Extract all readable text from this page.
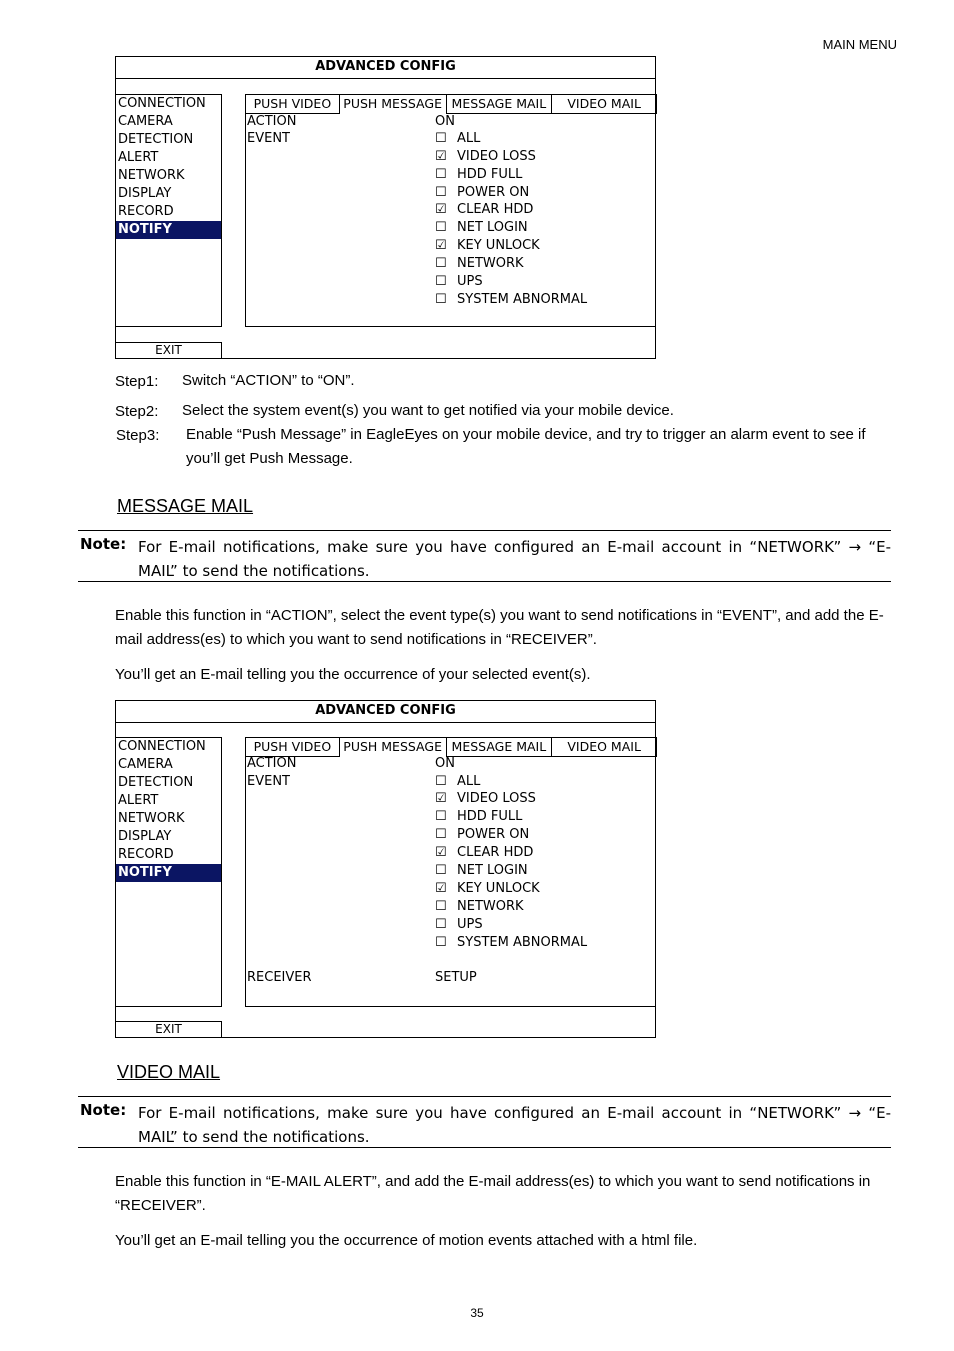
MAIN MENU
ADVANCED CONFIG
CONNECTION
CAMERA
DETECTION
ALERT
NETWORK
DISPLAY
RECORD
NOTIFY
EXIT
PUSH VIDEO PUSH MESSAGE MESSAGE MAIL	VIDEO MAIL
ACTION	ON
EVENT	☐ ALL
☑ VIDEO LOSS
☐ HDD FULL
☐ POWER ON
☑ CLEAR HDD
☐ NET LOGIN
☑ KEY UNLOCK
☐ NETWORK
☐ UPS
☐ SYSTEM ABNORMAL
Step1: Switch “ACTION” to “ON”.
Step2: Select the system event(s) you want to get notified via your mobile device.
Step3: Enable “Push Message” in EagleEyes on your mobile device, and try to trigger an alarm event to see if you’ll get Push Message.
MESSAGE MAIL
Note: For E-mail notifications, make sure you have configured an E-mail account in “NETWORK” → “E-MAIL” to send the notifications.
Enable this function in “ACTION”, select the event type(s) you want to send notifications in “EVENT”, and add the E-mail address(es) to which you want to send notifications in “RECEIVER”.
You’ll get an E-mail telling you the occurrence of your selected event(s).
ADVANCED CONFIG
CONNECTION
CAMERA
DETECTION
ALERT
NETWORK
DISPLAY
RECORD
NOTIFY
EXIT
PUSH VIDEO PUSH MESSAGE MESSAGE MAIL	VIDEO MAIL
ACTION	ON
EVENT	☐ ALL
☑ VIDEO LOSS
☐ HDD FULL
☐ POWER ON
☑ CLEAR HDD
☐ NET LOGIN
☑ KEY UNLOCK
☐ NETWORK
☐ UPS
☐ SYSTEM ABNORMAL
RECEIVER	SETUP
VIDEO MAIL
Note: For E-mail notifications, make sure you have configured an E-mail account in “NETWORK” → “E-MAIL” to send the notifications.
Enable this function in “E-MAIL ALERT”, and add the E-mail address(es) to which you want to send notifications in “RECEIVER”.
You’ll get an E-mail telling you the occurrence of motion events attached with a html file.
35
